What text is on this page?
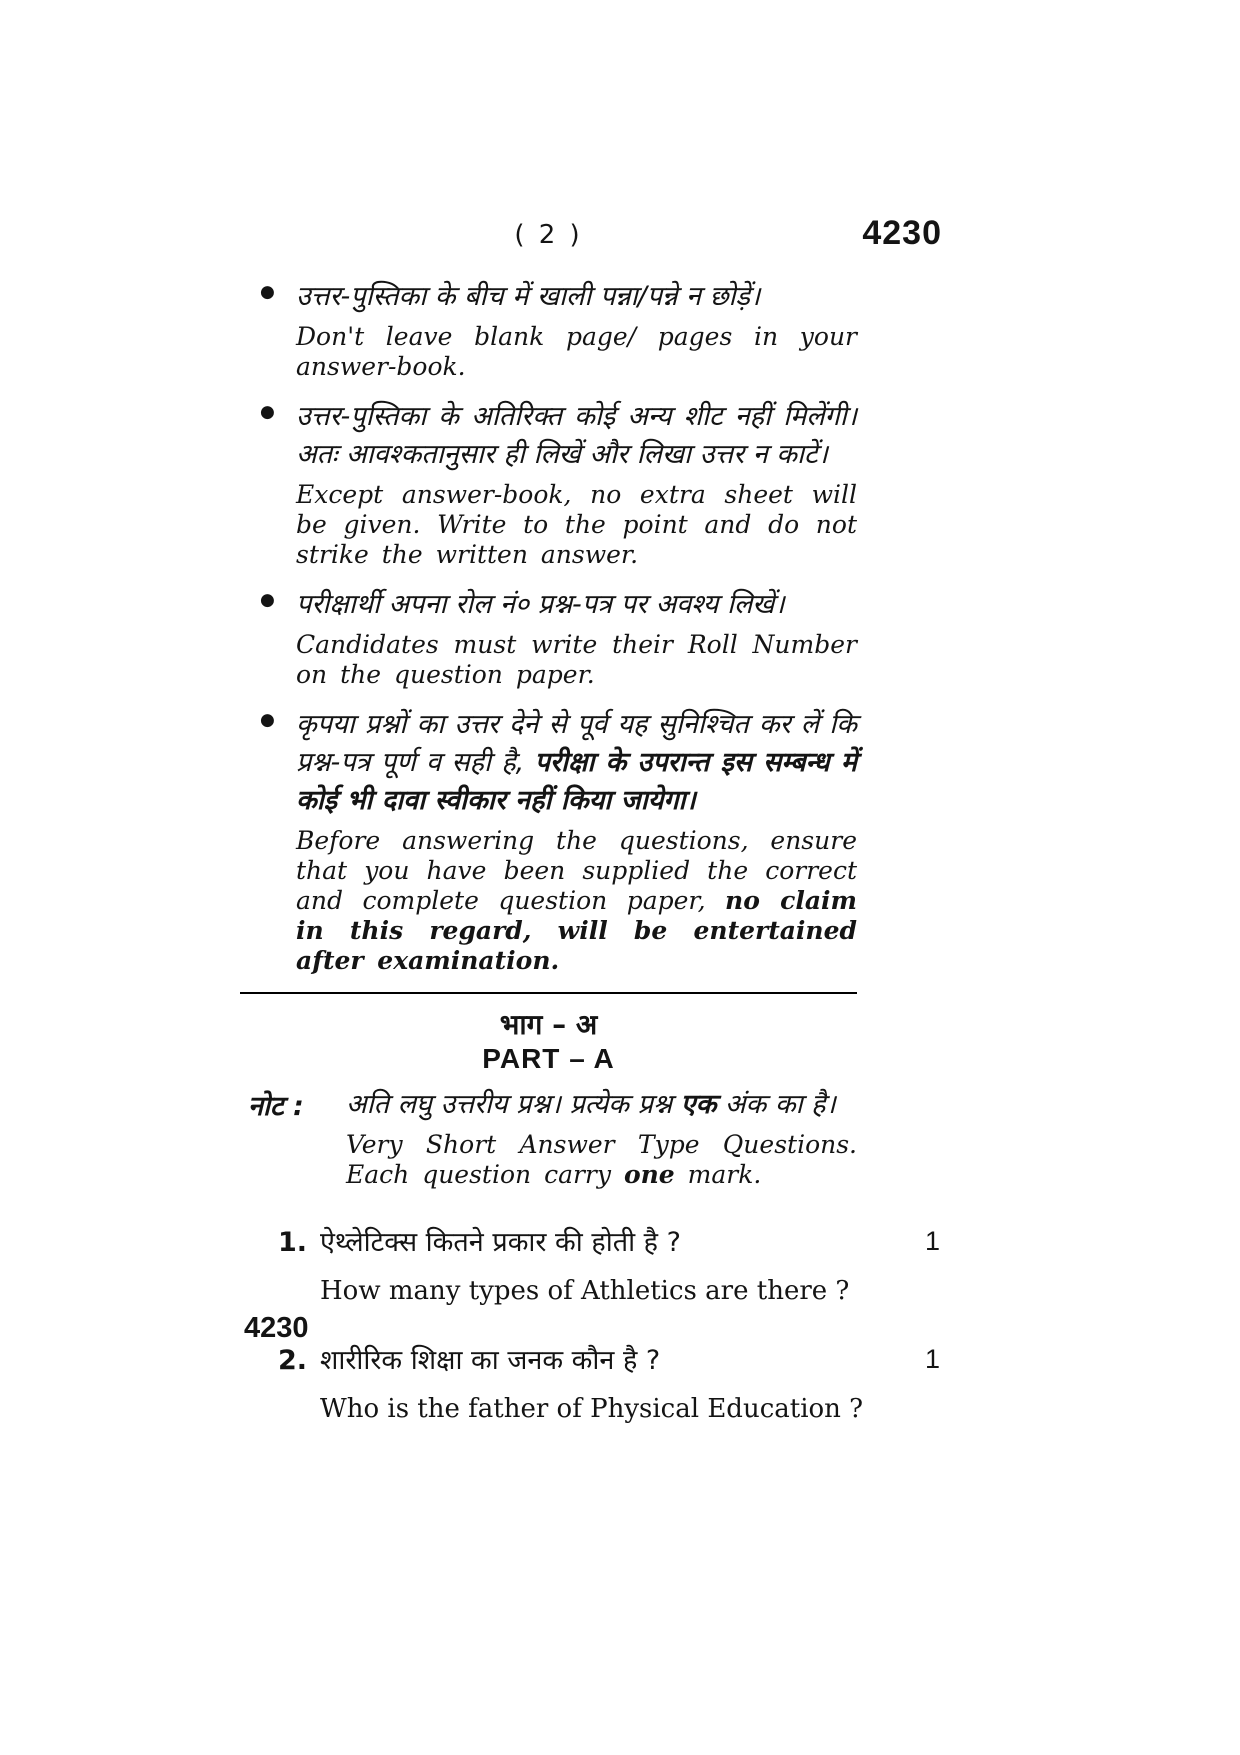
( 2 )	4230
● उत्तर-पुस्तिका के बीच में खाली पन्ना/पन्ने न छोड़ें।

Don't leave blank page/ pages in your answer-book.

● उत्तर-पुस्तिका के अतिरिक्त कोई अन्य शीट नहीं मिलेंगी। अतः आवश्कतानुसार ही लिखें और लिखा उत्तर न काटें।

Except answer-book, no extra sheet will be given. Write to the point and do not strike the written answer.

● परीक्षार्थी अपना रोल नं० प्रश्न-पत्र पर अवश्य लिखें।

Candidates must write their Roll Number on the question paper.

● कृपया प्रश्नों का उत्तर देने से पूर्व यह सुनिश्चित कर लें कि प्रश्न-पत्र पूर्ण व सही है, परीक्षा के उपरान्त इस सम्बन्ध में कोई भी दावा स्वीकार नहीं किया जायेगा।

Before answering the questions, ensure that you have been supplied the correct and complete question paper, no claim in this regard, will be entertained after examination.

भाग – अ
PART – A
नोट : अति लघु उत्तरीय प्रश्न। प्रत्येक प्रश्न एक अंक का है।

Very Short Answer Type Questions. Each question carry one mark.

1. ऐथ्लेटिक्स कितने प्रकार की होती है ?	1

How many types of Athletics are there ?

2. शारीरिक शिक्षा का जनक कौन है ?	1

Who is the father of Physical Education ?

4230
